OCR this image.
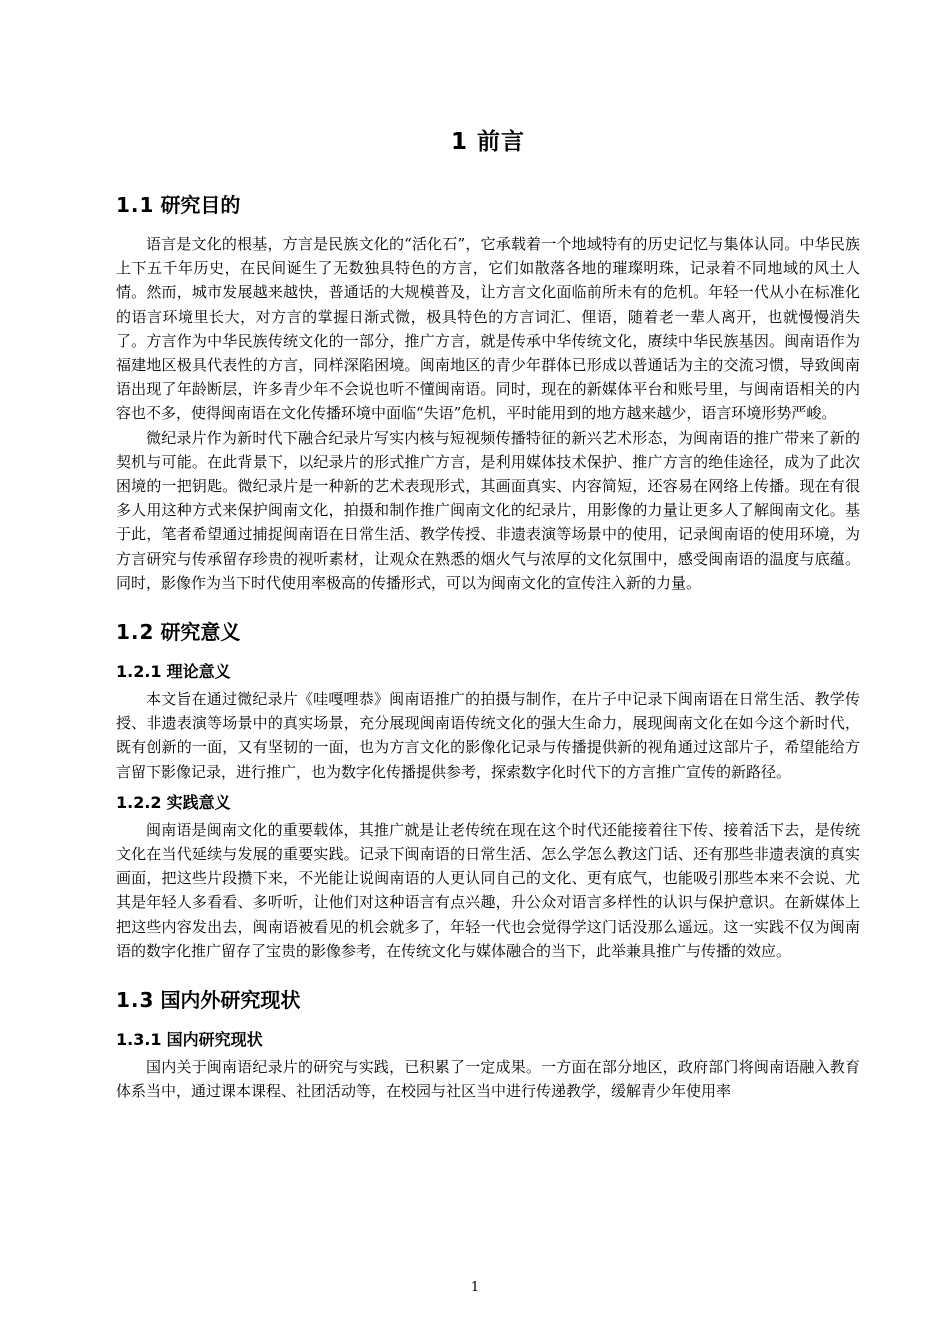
1 前言
1.1 研究目的

语言是文化的根基，方言是民族文化的“活化石”，它承载着一个地域特有的历史记忆与集体认同。中华民族上下五千年历史，在民间诞生了无数独具特色的方言，它们如散落各地的璀璨明珠，记录着不同地域的风土人情。然而，城市发展越来越快，普通话的大规模普及，让方言文化面临前所未有的危机。年轻一代从小在标准化的语言环境里长大，对方言的掌握日渐式微，极具特色的方言词汇、俚语，随着老一辈人离开，也就慢慢消失了。方言作为中华民族传统文化的一部分，推广方言，就是传承中华传统文化，赓续中华民族基因。闽南语作为福建地区极具代表性的方言，同样深陷困境。闽南地区的青少年群体已形成以普通话为主的交流习惯，导致闽南语出现了年龄断层，许多青少年不会说也听不懂闽南语。同时，现在的新媒体平台和账号里，与闽南语相关的内容也不多，使得闽南语在文化传播环境中面临“失语”危机，平时能用到的地方越来越少，语言环境形势严峻。

微纪录片作为新时代下融合纪录片写实内核与短视频传播特征的新兴艺术形态，为闽南语的推广带来了新的契机与可能。在此背景下，以纪录片的形式推广方言，是利用媒体技术保护、推广方言的绝佳途径，成为了此次困境的一把钥匙。微纪录片是一种新的艺术表现形式，其画面真实、内容简短，还容易在网络上传播。现在有很多人用这种方式来保护闽南文化，拍摄和制作推广闽南文化的纪录片，用影像的力量让更多人了解闽南文化。基于此，笔者希望通过捕捉闽南语在日常生活、教学传授、非遗表演等场景中的使用，记录闽南语的使用环境，为方言研究与传承留存珍贵的视听素材，让观众在熟悉的烟火气与浓厚的文化氛围中，感受闽南语的温度与底蕴。同时，影像作为当下时代使用率极高的传播形式，可以为闽南文化的宣传注入新的力量。

1.2 研究意义
1.2.1 理论意义

本文旨在通过微纪录片《哇嘎哩恭》闽南语推广的拍摄与制作，在片子中记录下闽南语在日常生活、教学传授、非遗表演等场景中的真实场景，充分展现闽南语传统文化的强大生命力，展现闽南文化在如今这个新时代，既有创新的一面，又有坚韧的一面，也为方言文化的影像化记录与传播提供新的视角通过这部片子，希望能给方言留下影像记录，进行推广，也为数字化传播提供参考，探索数字化时代下的方言推广宣传的新路径。

1.2.2 实践意义

闽南语是闽南文化的重要载体，其推广就是让老传统在现在这个时代还能接着往下传、接着活下去，是传统文化在当代延续与发展的重要实践。记录下闽南语的日常生活、怎么学怎么教这门话、还有那些非遗表演的真实画面，把这些片段攒下来，不光能让说闽南语的人更认同自己的文化、更有底气，也能吸引那些本来不会说、尤其是年轻人多看看、多听听，让他们对这种语言有点兴趣，升公众对语言多样性的认识与保护意识。在新媒体上把这些内容发出去，闽南语被看见的机会就多了，年轻一代也会觉得学这门话没那么遥远。这一实践不仅为闽南语的数字化推广留存了宝贵的影像参考，在传统文化与媒体融合的当下，此举兼具推广与传播的效应。

1.3 国内外研究现状
1.3.1 国内研究现状

国内关于闽南语纪录片的研究与实践，已积累了一定成果。一方面在部分地区，政府部门将闽南语融入教育体系当中，通过课本课程、社团活动等，在校园与社区当中进行传递教学，缓解青少年使用率

1
